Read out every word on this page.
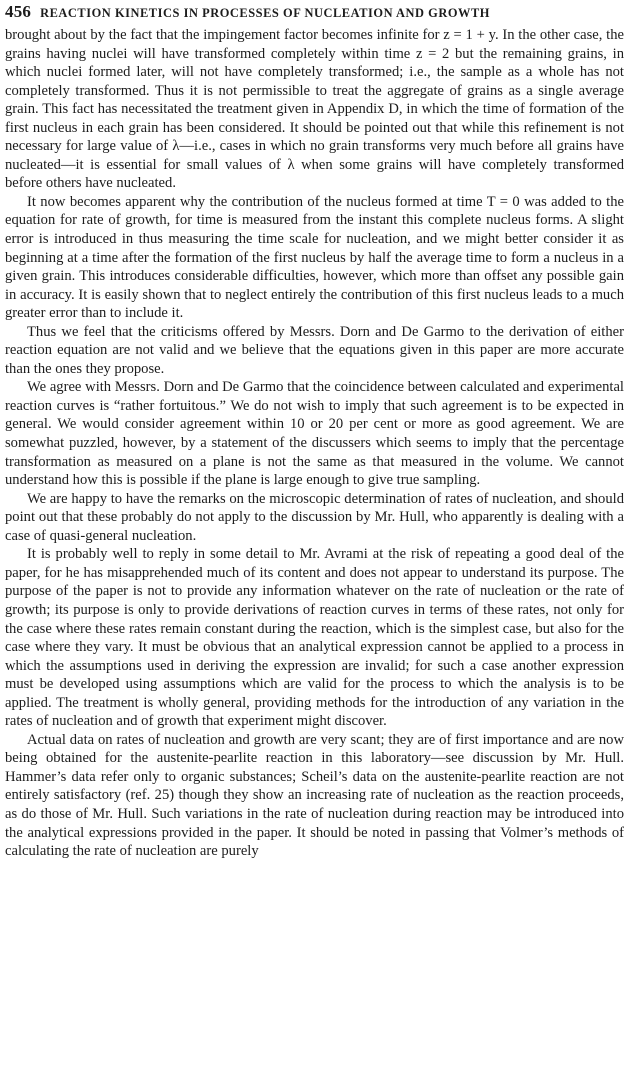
456 REACTION KINETICS IN PROCESSES OF NUCLEATION AND GROWTH

brought about by the fact that the impingement factor becomes infinite for z = 1 + y. In the other case, the grains having nuclei will have transformed completely within time z = 2 but the remaining grains, in which nuclei formed later, will not have completely transformed; i.e., the sample as a whole has not completely transformed. Thus it is not permissible to treat the aggregate of grains as a single average grain. This fact has necessitated the treatment given in Appendix D, in which the time of formation of the first nucleus in each grain has been considered. It should be pointed out that while this refinement is not necessary for large value of λ—i.e., cases in which no grain transforms very much before all grains have nucleated—it is essential for small values of λ when some grains will have completely transformed before others have nucleated.

It now becomes apparent why the contribution of the nucleus formed at time T = 0 was added to the equation for rate of growth, for time is measured from the instant this complete nucleus forms. A slight error is introduced in thus measuring the time scale for nucleation, and we might better consider it as beginning at a time after the formation of the first nucleus by half the average time to form a nucleus in a given grain. This introduces considerable difficulties, however, which more than offset any possible gain in accuracy. It is easily shown that to neglect entirely the contribution of this first nucleus leads to a much greater error than to include it.

Thus we feel that the criticisms offered by Messrs. Dorn and De Garmo to the derivation of either reaction equation are not valid and we believe that the equations given in this paper are more accurate than the ones they propose.

We agree with Messrs. Dorn and De Garmo that the coincidence between calculated and experimental reaction curves is “rather fortuitous.” We do not wish to imply that such agreement is to be expected in general. We would consider agreement within 10 or 20 per cent or more as good agreement. We are somewhat puzzled, however, by a statement of the discussers which seems to imply that the percentage transformation as measured on a plane is not the same as that measured in the volume. We cannot understand how this is possible if the plane is large enough to give true sampling.

We are happy to have the remarks on the microscopic determination of rates of nucleation, and should point out that these probably do not apply to the discussion by Mr. Hull, who apparently is dealing with a case of quasi-general nucleation.

It is probably well to reply in some detail to Mr. Avrami at the risk of repeating a good deal of the paper, for he has misapprehended much of its content and does not appear to understand its purpose. The purpose of the paper is not to provide any information whatever on the rate of nucleation or the rate of growth; its purpose is only to provide derivations of reaction curves in terms of these rates, not only for the case where these rates remain constant during the reaction, which is the simplest case, but also for the case where they vary. It must be obvious that an analytical expression cannot be applied to a process in which the assumptions used in deriving the expression are invalid; for such a case another expression must be developed using assumptions which are valid for the process to which the analysis is to be applied. The treatment is wholly general, providing methods for the introduction of any variation in the rates of nucleation and of growth that experiment might discover.

Actual data on rates of nucleation and growth are very scant; they are of first importance and are now being obtained for the austenite-pearlite reaction in this laboratory—see discussion by Mr. Hull. Hammer’s data refer only to organic substances; Scheil’s data on the austenite-pearlite reaction are not entirely satisfactory (ref. 25) though they show an increasing rate of nucleation as the reaction proceeds, as do those of Mr. Hull. Such variations in the rate of nucleation during reaction may be introduced into the analytical expressions provided in the paper. It should be noted in passing that Volmer’s methods of calculating the rate of nucleation are purely
